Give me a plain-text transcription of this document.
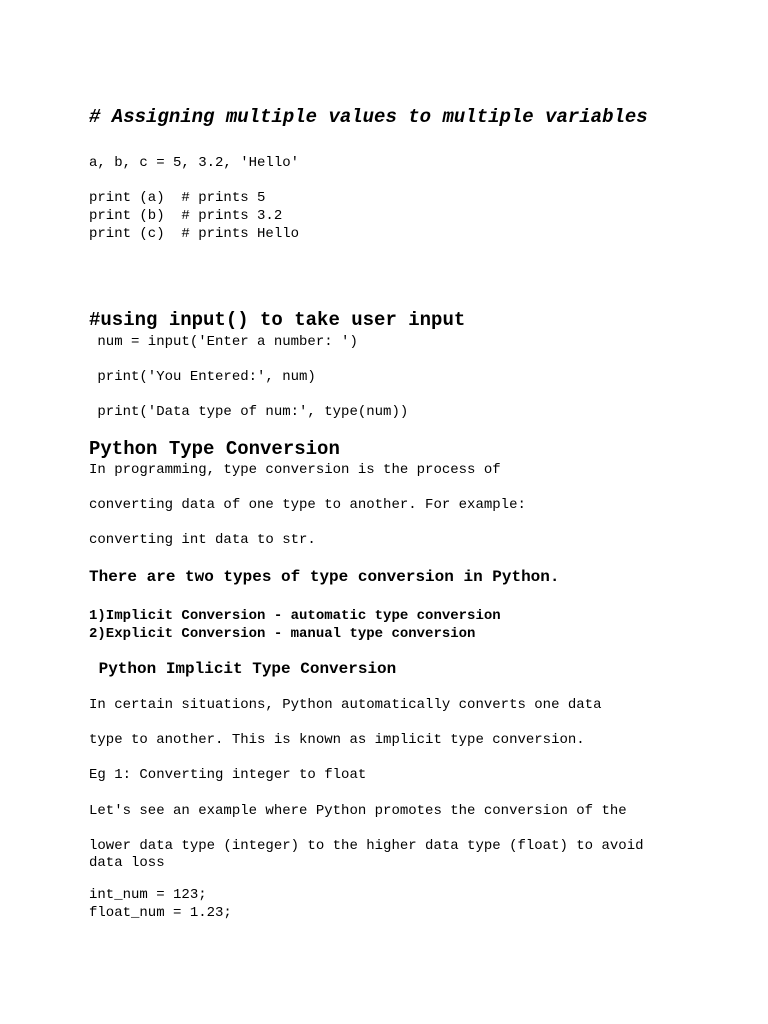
# Assigning multiple values to multiple variables

a, b, c = 5, 3.2, 'Hello'

print (a)  # prints 5

print (b)  # prints 3.2

print (c)  # prints Hello

#using input() to take user input

num = input('Enter a number: ')

print('You Entered:', num)

print('Data type of num:', type(num))

Python Type Conversion

In programming, type conversion is the process of

converting data of one type to another. For example:

converting int data to str.

There are two types of type conversion in Python.

1)Implicit Conversion - automatic type conversion

2)Explicit Conversion - manual type conversion

Python Implicit Type Conversion

In certain situations, Python automatically converts one data

type to another. This is known as implicit type conversion.

Eg 1: Converting integer to float

Let's see an example where Python promotes the conversion of the

lower data type (integer) to the higher data type (float) to avoid

data loss

int_num = 123;

float_num = 1.23;
